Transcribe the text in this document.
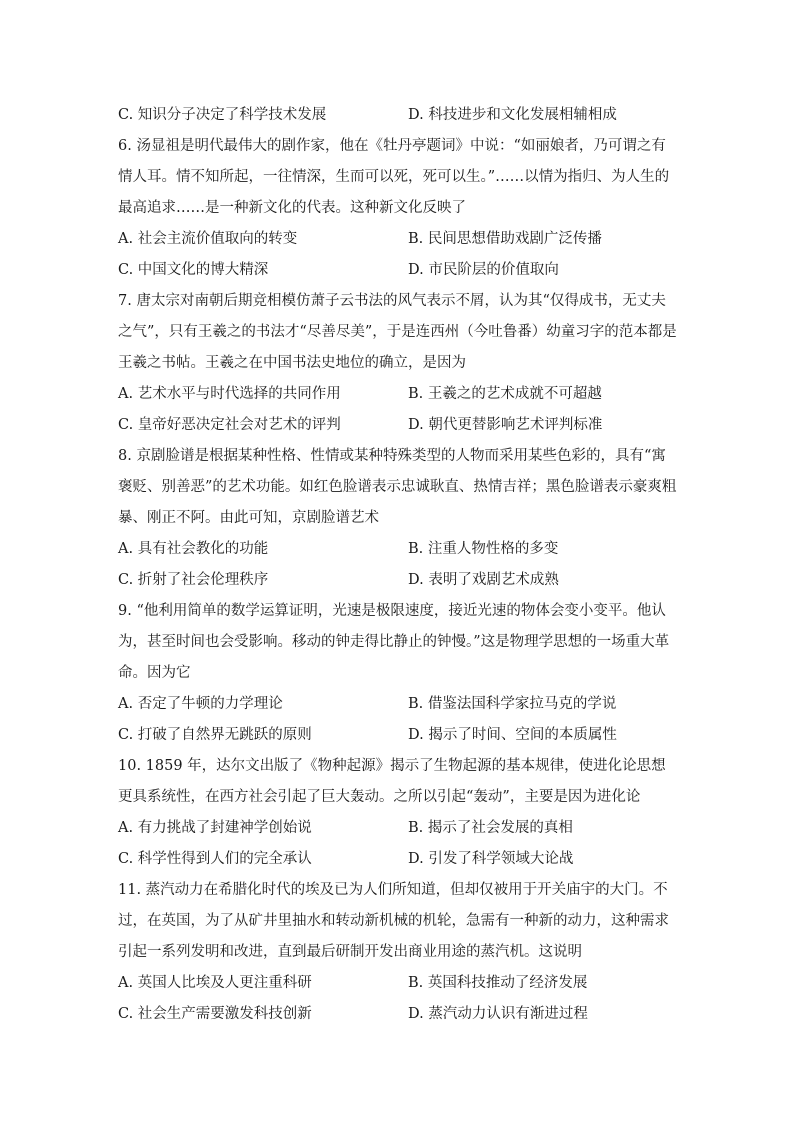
C. 知识分子决定了科学技术发展	D. 科技进步和文化发展相辅相成

6. 汤显祖是明代最伟大的剧作家，他在《牡丹亭题词》中说：“如丽娘者，乃可谓之有情人耳。情不知所起，一往情深，生而可以死，死可以生。”……以情为指归、为人生的最高追求……是一种新文化的代表。这种新文化反映了

A. 社会主流价值取向的转变	B. 民间思想借助戏剧广泛传播
C. 中国文化的博大精深	D. 市民阶层的价值取向

7. 唐太宗对南朝后期竞相模仿萧子云书法的风气表示不屑，认为其“仅得成书，无丈夫之气”，只有王羲之的书法才“尽善尽美”，于是连西州（今吐鲁番）幼童习字的范本都是王羲之书帖。王羲之在中国书法史地位的确立，是因为

A. 艺术水平与时代选择的共同作用	B. 王羲之的艺术成就不可超越
C. 皇帝好恶决定社会对艺术的评判	D. 朝代更替影响艺术评判标准

8. 京剧脸谱是根据某种性格、性情或某种特殊类型的人物而采用某些色彩的，具有“寓褒贬、别善恶”的艺术功能。如红色脸谱表示忠诚耿直、热情吉祥；黑色脸谱表示豪爽粗暴、刚正不阿。由此可知，京剧脸谱艺术

A. 具有社会教化的功能	B. 注重人物性格的多变
C. 折射了社会伦理秩序	D. 表明了戏剧艺术成熟

9. “他利用简单的数学运算证明，光速是极限速度，接近光速的物体会变小变平。他认为，甚至时间也会受影响。移动的钟走得比静止的钟慢。”这是物理学思想的一场重大革命。因为它

A. 否定了牛顿的力学理论	B. 借鉴法国科学家拉马克的学说
C. 打破了自然界无跳跃的原则	D. 揭示了时间、空间的本质属性

10. 1859 年，达尔文出版了《物种起源》揭示了生物起源的基本规律，使进化论思想更具系统性，在西方社会引起了巨大轰动。之所以引起“轰动”，主要是因为进化论

A. 有力挑战了封建神学创始说	B. 揭示了社会发展的真相
C. 科学性得到人们的完全承认	D. 引发了科学领域大论战

11. 蒸汽动力在希腊化时代的埃及已为人们所知道，但却仅被用于开关庙宇的大门。不过，在英国，为了从矿井里抽水和转动新机械的机轮，急需有一种新的动力，这种需求引起一系列发明和改进，直到最后研制开发出商业用途的蒸汽机。这说明

A. 英国人比埃及人更注重科研	B. 英国科技推动了经济发展
C. 社会生产需要激发科技创新	D. 蒸汽动力认识有渐进过程
